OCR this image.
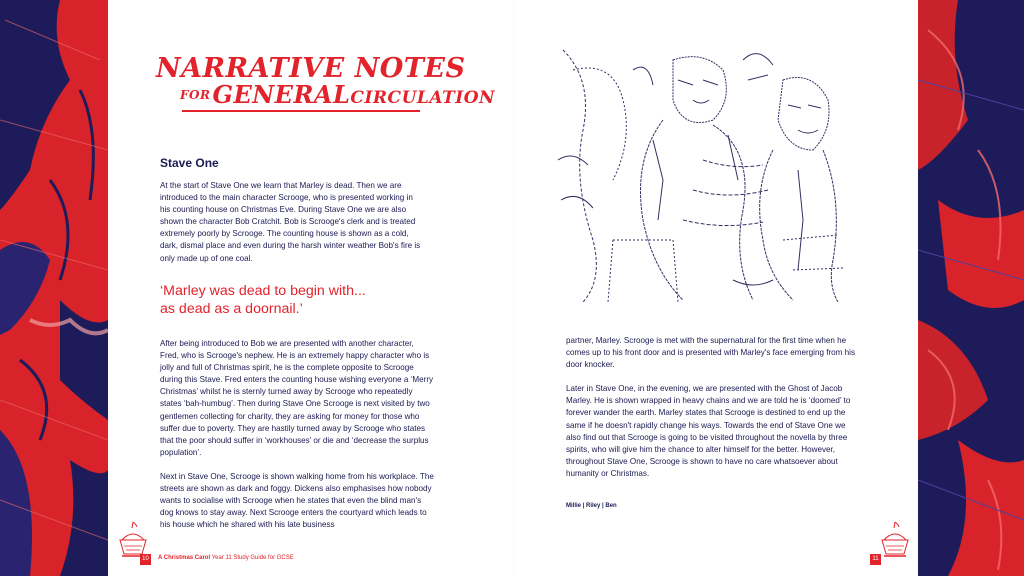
NARRATIVE NOTES
$^{FOR}$GENERALCIRCULATION
Stave One

At the start of Stave One we learn that Marley is dead. Then we are introduced to the main character Scrooge, who is presented working in his counting house on Christmas Eve. During Stave One we are also shown the character Bob Cratchit. Bob is Scrooge's clerk and is treated extremely poorly by Scrooge. The counting house is shown as a cold, dark, dismal place and even during the harsh winter weather Bob's fire is only made up of one coal.

‘Marley was dead to begin with...
as dead as a doornail.’

After being introduced to Bob we are presented with another character, Fred, who is Scrooge's nephew. He is an extremely happy character who is jolly and full of Christmas spirit, he is the complete opposite to Scrooge during this Stave. Fred enters the counting house wishing everyone a ‘Merry Christmas’ whilst he is sternly turned away by Scrooge who repeatedly states ‘bah-humbug’. Then during Stave One Scrooge is next visited by two gentlemen collecting for charity, they are asking for money for those who suffer due to poverty. They are hastily turned away by Scrooge who states that the poor should suffer in ‘workhouses’ or die and ‘decrease the surplus population’.

Next in Stave One, Scrooge is shown walking home from his workplace. The streets are shown as dark and foggy. Dickens also emphasises how nobody wants to socialise with Scrooge when he states that even the blind man's dog knows to stay away. Next Scrooge enters the courtyard which leads to his house which he shared with his late business

partner, Marley. Scrooge is met with the supernatural for the first time when he comes up to his front door and is presented with Marley's face emerging from his door knocker.

Later in Stave One, in the evening, we are presented with the Ghost of Jacob Marley. He is shown wrapped in heavy chains and we are told he is ‘doomed’ to forever wander the earth. Marley states that Scrooge is destined to end up the same if he doesn't rapidly change his ways. Towards the end of Stave One we also find out that Scrooge is going to be visited throughout the novella by three spirits, who will give him the chance to alter himself for the better. However, throughout Stave One, Scrooge is shown to have no care whatsoever about humanity or Christmas.

Millie | Riley | Ben
10	A Christmas Carol Year 11 Study Guide for GCSE	11
